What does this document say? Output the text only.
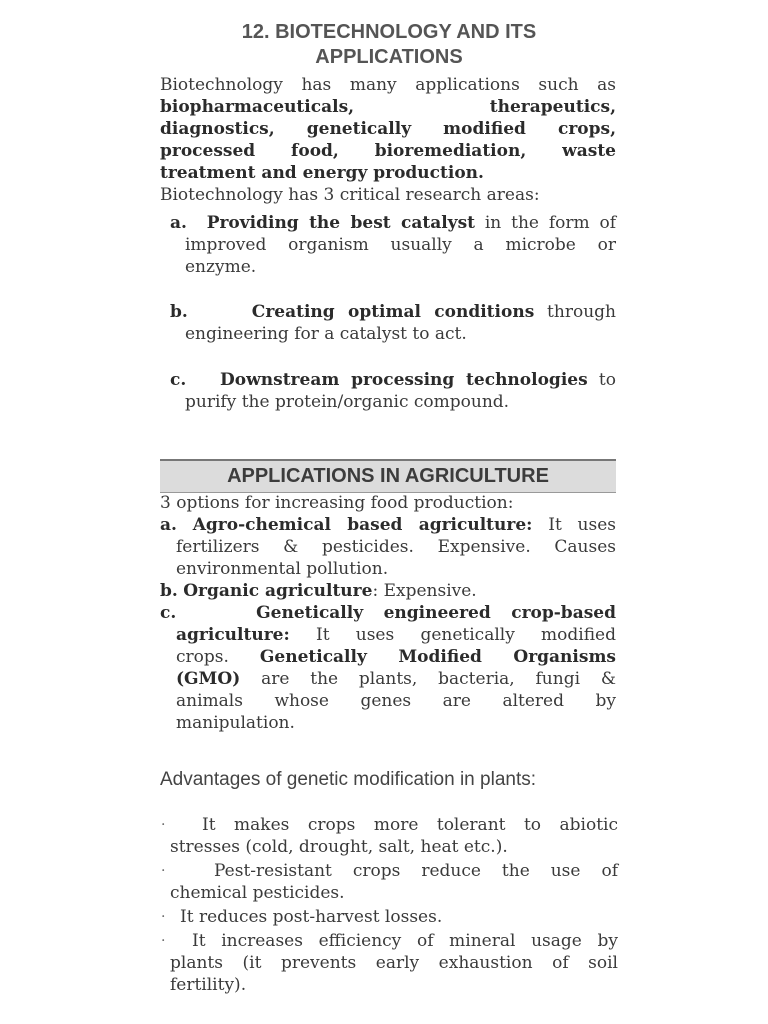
12. BIOTECHNOLOGY AND ITS
APPLICATIONS
Biotechnology has many applications such as
biopharmaceuticals,	therapeutics,
diagnostics, genetically modified crops,
processed food, bioremediation, waste
treatment and energy production.
Biotechnology has 3 critical research areas:
a. Providing the best catalyst in the form of
improved organism usually a microbe or
enzyme.
b.	Creating optimal conditions through
engineering for a catalyst to act.
c. Downstream processing technologies to
purify the protein/organic compound.
APPLICATIONS IN AGRICULTURE
3 options for increasing food production:
a. Agro-chemical based agriculture: It uses
fertilizers & pesticides. Expensive. Causes
environmental pollution.
b. Organic agriculture: Expensive.
c.	Genetically engineered crop-based
agriculture: It uses genetically modified
crops. Genetically Modified Organisms
(GMO) are the plants, bacteria, fungi &
animals whose genes are altered by
manipulation.
Advantages of genetic modification in plants:
·	It makes crops more tolerant to abiotic
stresses (cold, drought, salt, heat etc.).
·	Pest-resistant crops reduce the use of
chemical pesticides.
· It reduces post-harvest losses.
·	It increases efficiency of mineral usage by
plants (it prevents early exhaustion of soil
fertility).
